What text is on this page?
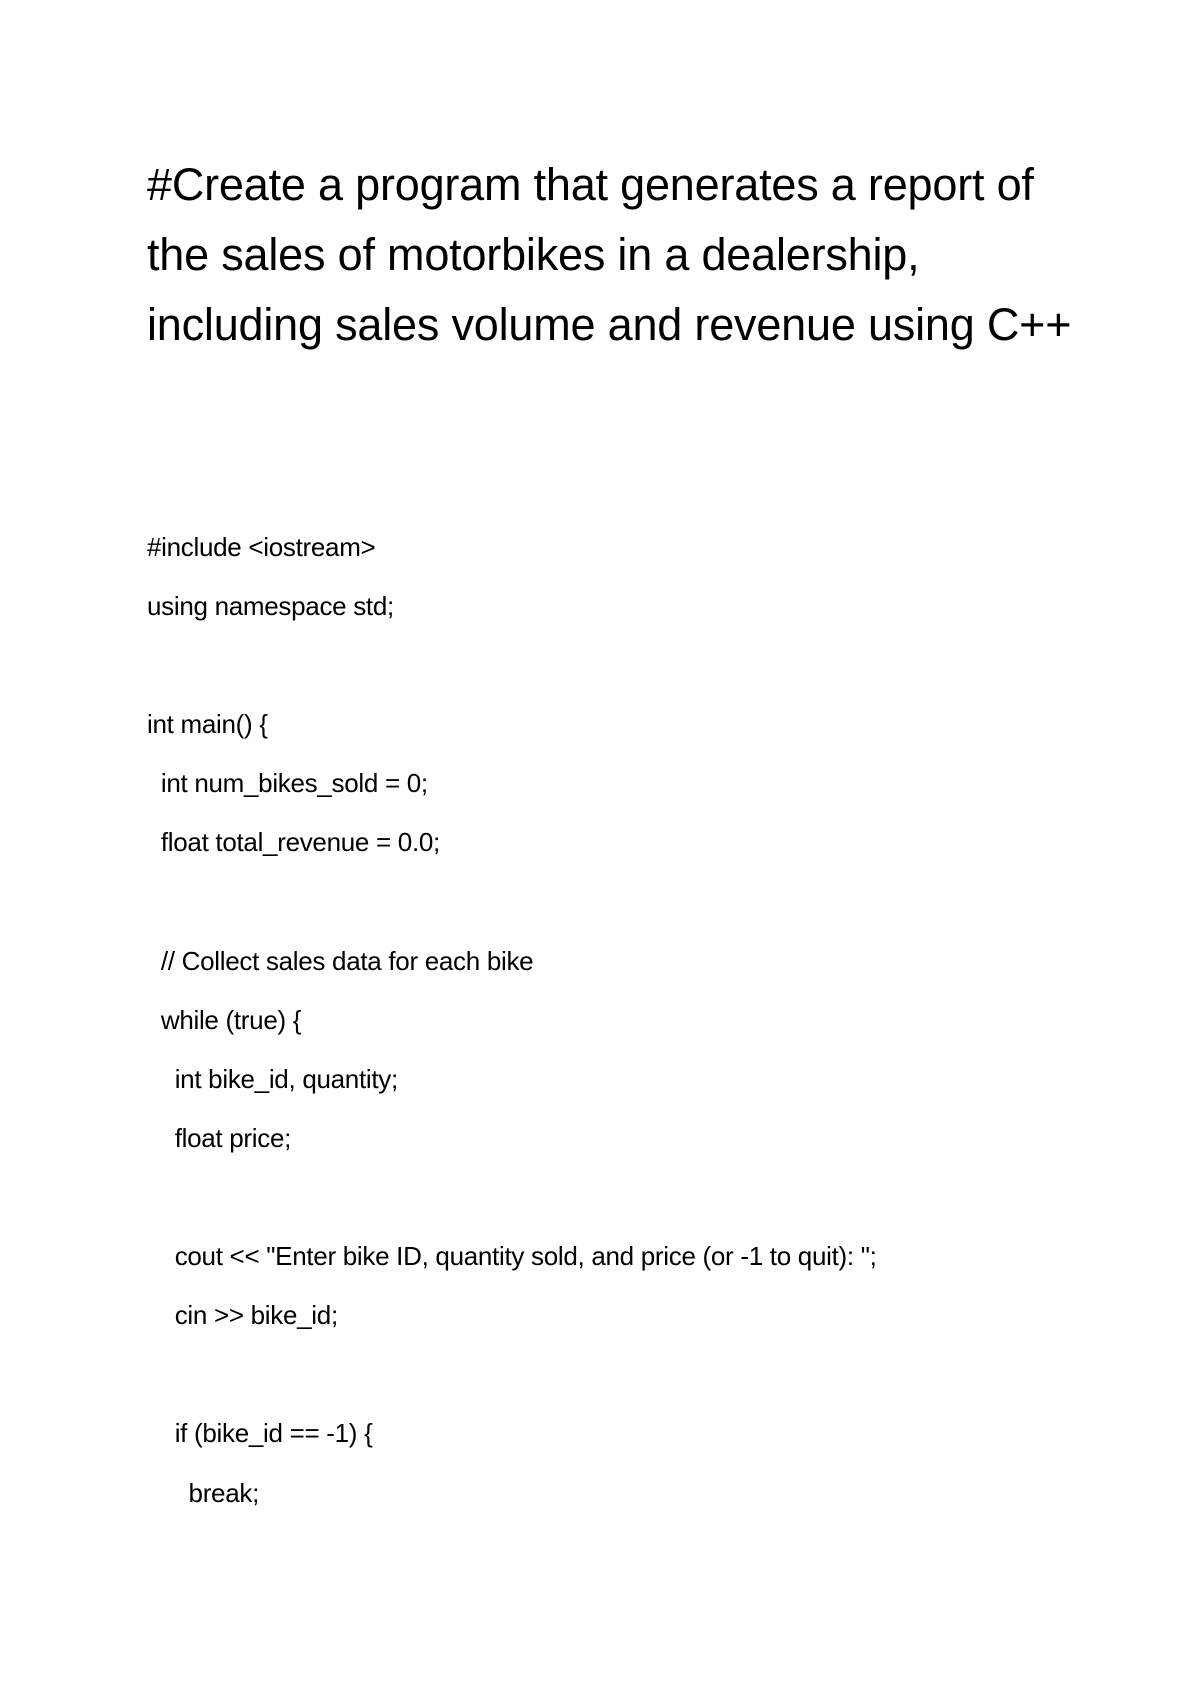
#Create a program that generates a report of the sales of motorbikes in a dealership, including sales volume and revenue using C++
#include <iostream>
using namespace std;
int main() {
int num_bikes_sold = 0;
float total_revenue = 0.0;
// Collect sales data for each bike
while (true) {
int bike_id, quantity;
float price;
cout << "Enter bike ID, quantity sold, and price (or -1 to quit): ";
cin >> bike_id;
if (bike_id == -1) {
break;
